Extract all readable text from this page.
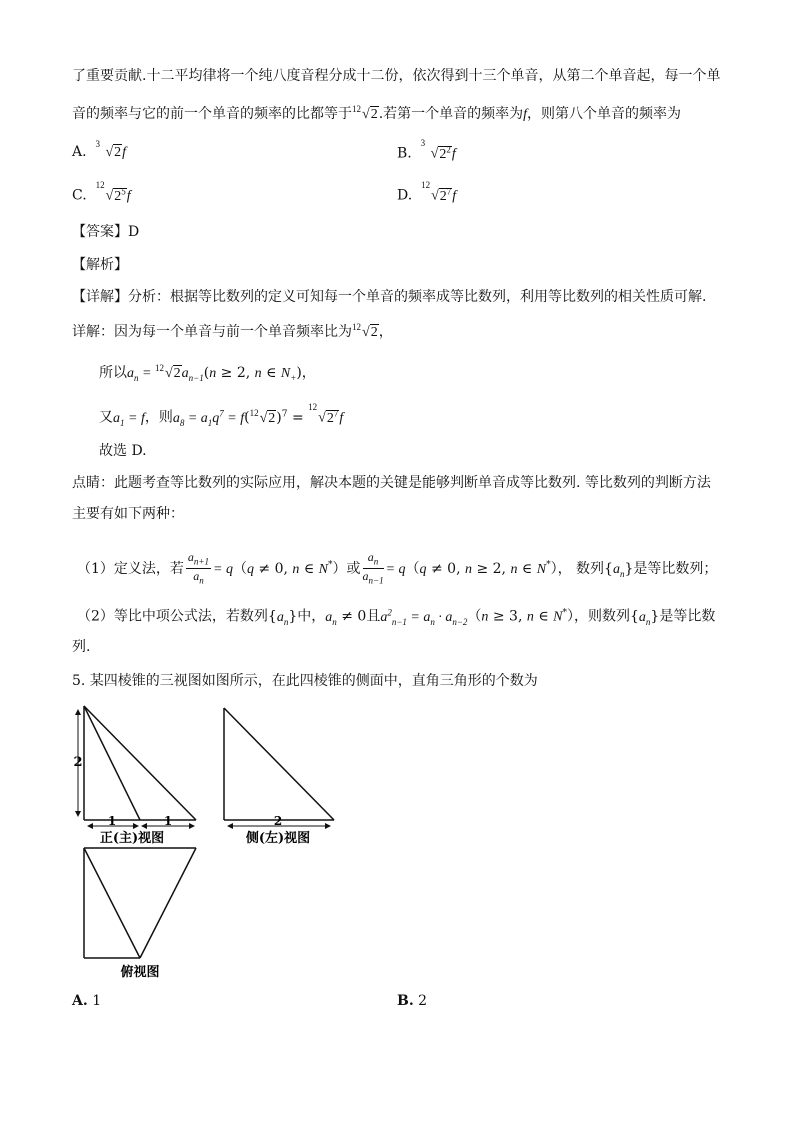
了重要贡献.十二平均律将一个纯八度音程分成十二份，依次得到十三个单音，从第二个单音起，每一个单
音的频率与它的前一个单音的频率的比都等于 12 √2.若第一个单音的频率为f，则第八个单音的频率为
A. 3
√2f	B.
3
$√2^2f$
C.
12
$√2^5f$	D.
12
$√2^7f$
【答案】D
【解析】
【详解】分析：根据等比数列的定义可知每一个单音的频率成等比数列，利用等比数列的相关性质可解.
详解：因为每一个单音与前一个单音频率比为 12 √2，
所以$a_n = 12$ $√2a_{n-1}(n \ge 2$, n ∈ $N_+$)，
又$a_1 = f$，则$a_8 = a_1q^7 = f$( 12 √2)$^7$ =
12
$√2^7f$
故选 D.
点睛：此题考查等比数列的实际应用，解决本题的关键是能够判断单音成等比数列. 等比数列的判断方法
主要有如下两种：
（1）定义法，若 $\frac{a_{n+1}}{a_n} = q(q \ne 0$, n ∈ N*）或 $\frac{a_n}{a_{n-1}} = q(q \ne 0$, n ≥ 2, n ∈ N*）， 数列$\{a_n\}$是等比数列；
（2）等比中项公式法，若数列$\{a_n\}$中，$a_n \ne 0$且$a^2_{n-1} = a_n \cdot a_{n-2}(n \ge 3$, n ∈ N*），则数列$\{a_n\}$是等比数
列.
5. 某四棱锥的三视图如图所示，在此四棱锥的侧面中，直角三角形的个数为
2
1	1
正(主)视图
2
侧(左)视图
俯视图
A. 1	B. 2
